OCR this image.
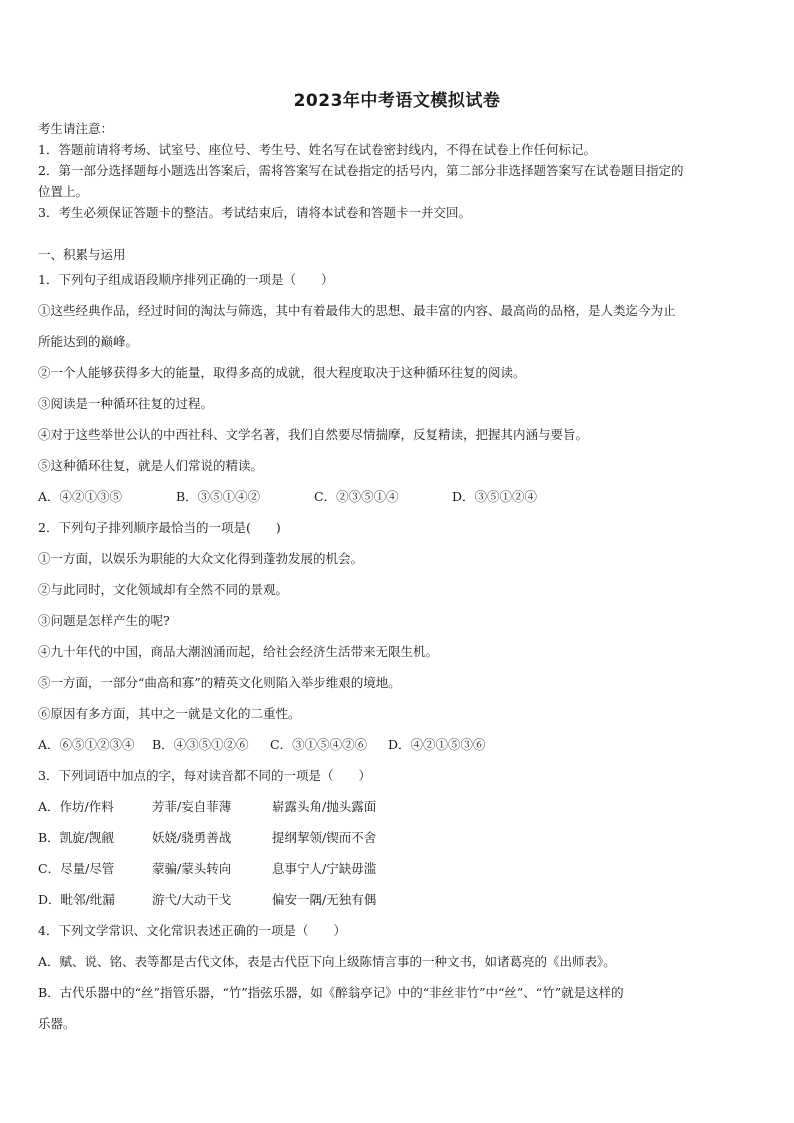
2023年中考语文模拟试卷
考生请注意：
1．答题前请将考场、试室号、座位号、考生号、姓名写在试卷密封线内，不得在试卷上作任何标记。
2．第一部分选择题每小题选出答案后，需将答案写在试卷指定的括号内，第二部分非选择题答案写在试卷题目指定的
位置上。
3．考生必须保证答题卡的整洁。考试结束后，请将本试卷和答题卡一并交回。
一、积累与运用
1．下列句子组成语段顺序排列正确的一项是（　　）
①这些经典作品，经过时间的淘汰与筛选，其中有着最伟大的思想、最丰富的内容、最高尚的品格，是人类迄今为止
所能达到的巅峰。
②一个人能够获得多大的能量，取得多高的成就，很大程度取决于这种循环往复的阅读。
③阅读是一种循环往复的过程。
④对于这些举世公认的中西社科、文学名著，我们自然要尽情揣摩，反复精读，把握其内涵与要旨。
⑤这种循环往复，就是人们常说的精读。
A．④②①③⑤	B．③⑤①④②	C．②③⑤①④	D．③⑤①②④
2．下列句子排列顺序最恰当的一项是(　　)
①一方面，以娱乐为职能的大众文化得到蓬勃发展的机会。
②与此同时，文化领域却有全然不同的景观。
③问题是怎样产生的呢?
④九十年代的中国，商品大潮汹涌而起，给社会经济生活带来无限生机。
⑤一方面，一部分“曲高和寡”的精英文化则陷入举步维艰的境地。
⑥原因有多方面，其中之一就是文化的二重性。
A．⑥⑤①②③④ B．④③⑤①②⑥ C．③①⑤④②⑥ D．④②①⑤③⑥
3．下列词语中加点的字，每对读音都不同的一项是（　　）
A．作坊/作料	芳菲/妄自菲薄	崭露头角/抛头露面
B．凯旋/觊觎	妖娆/骁勇善战	提纲挈领/锲而不舍
C．尽量/尽管	蒙骗/蒙头转向	息事宁人/宁缺毋滥
D．毗邻/纰漏	游弋/大动干戈	偏安一隅/无独有偶
4．下列文学常识、文化常识表述正确的一项是（　　）
A．赋、说、铭、表等都是古代文体，表是古代臣下向上级陈情言事的一种文书，如诸葛亮的《出师表》。
B．古代乐器中的“丝”指管乐器，“竹”指弦乐器，如《醉翁亭记》中的“非丝非竹”中“丝”、“竹”就是这样的
乐器。
